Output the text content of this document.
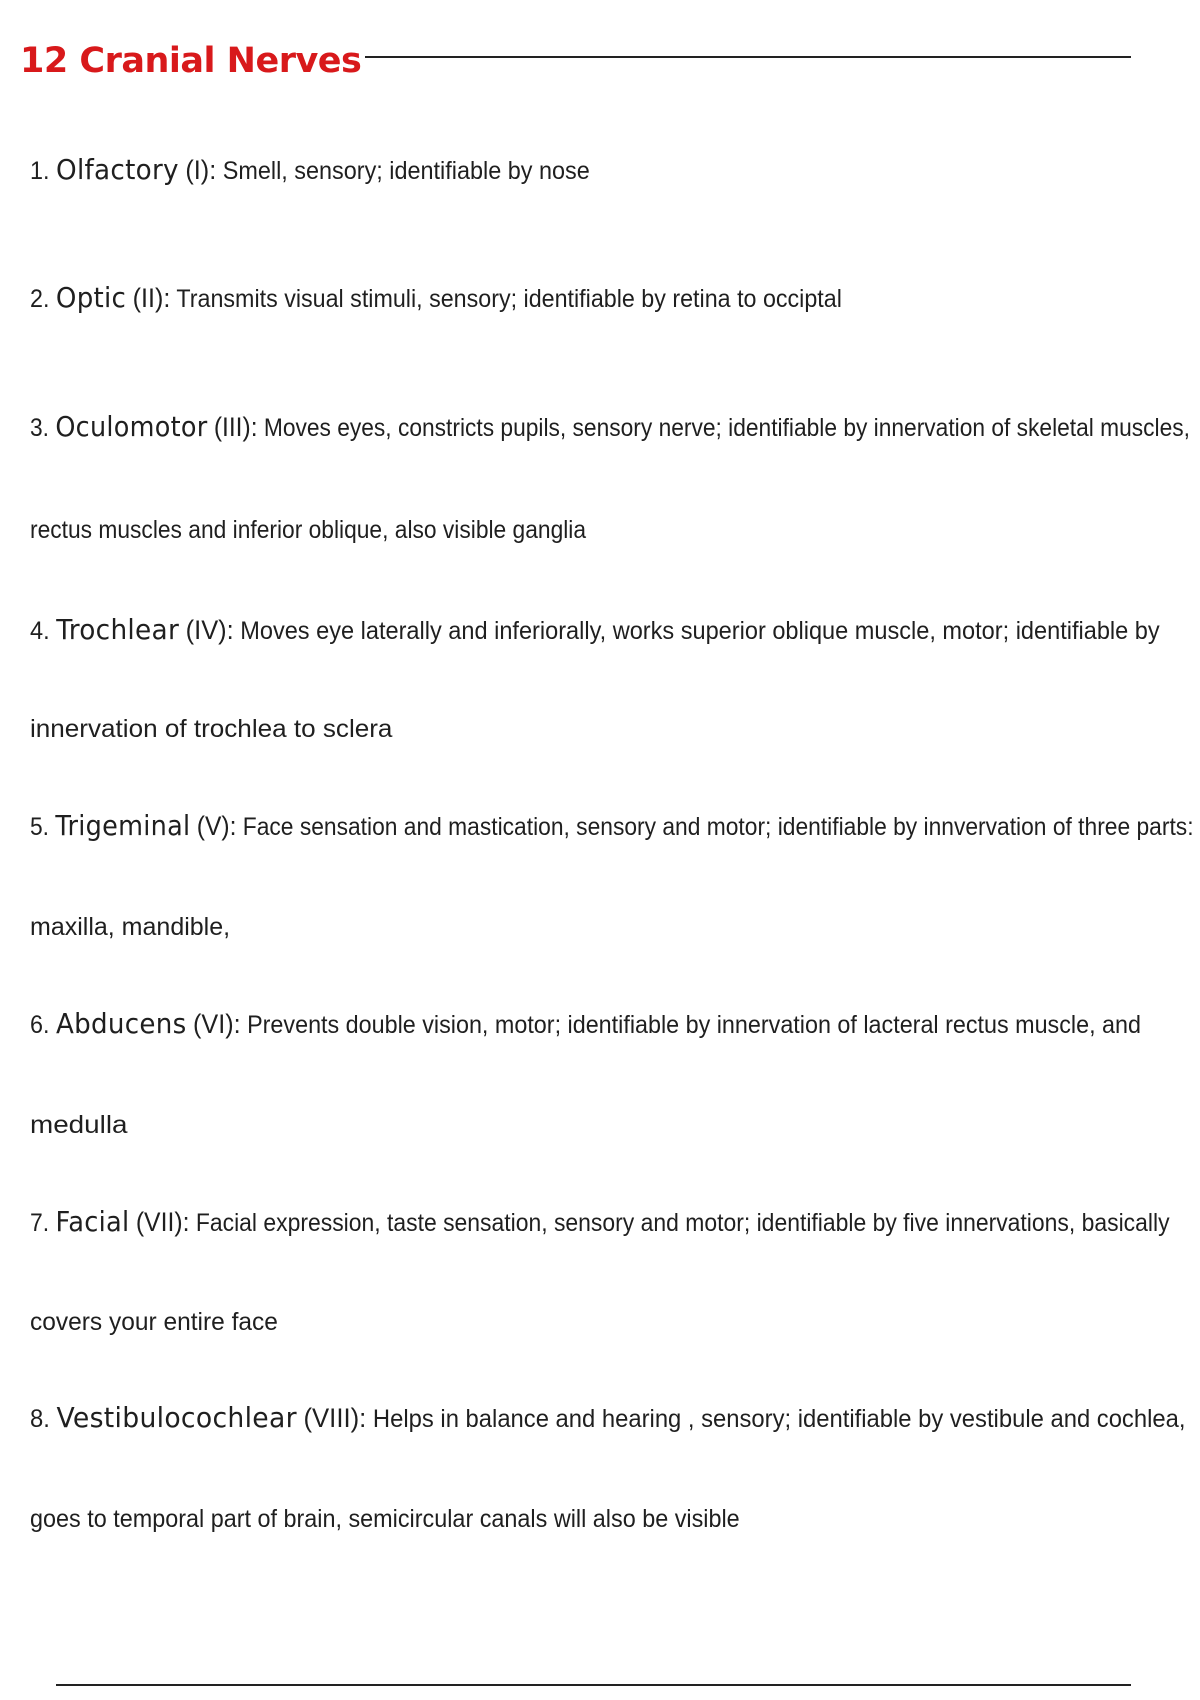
12 Cranial Nerves
1. Olfactory (I): Smell, sensory; identifiable by nose
2. Optic (II): Transmits visual stimuli, sensory; identifiable by retina to occiptal
3. Oculomotor (III): Moves eyes, constricts pupils, sensory nerve; identifiable by innervation of skeletal muscles,
rectus muscles and inferior oblique, also visible ganglia
4. Trochlear (IV): Moves eye laterally and inferiorally, works superior oblique muscle, motor; identifiable by
innervation of trochlea to sclera
5. Trigeminal (V): Face sensation and mastication, sensory and motor; identifiable by innvervation of three parts:
maxilla, mandible,
6. Abducens (VI): Prevents double vision, motor; identifiable by innervation of lacteral rectus muscle, and
medulla
7. Facial (VII): Facial expression, taste sensation, sensory and motor; identifiable by five innervations, basically
covers your entire face
8. Vestibulocochlear (VIII): Helps in balance and hearing , sensory; identifiable by vestibule and cochlea,
goes to temporal part of brain, semicircular canals will also be visible
